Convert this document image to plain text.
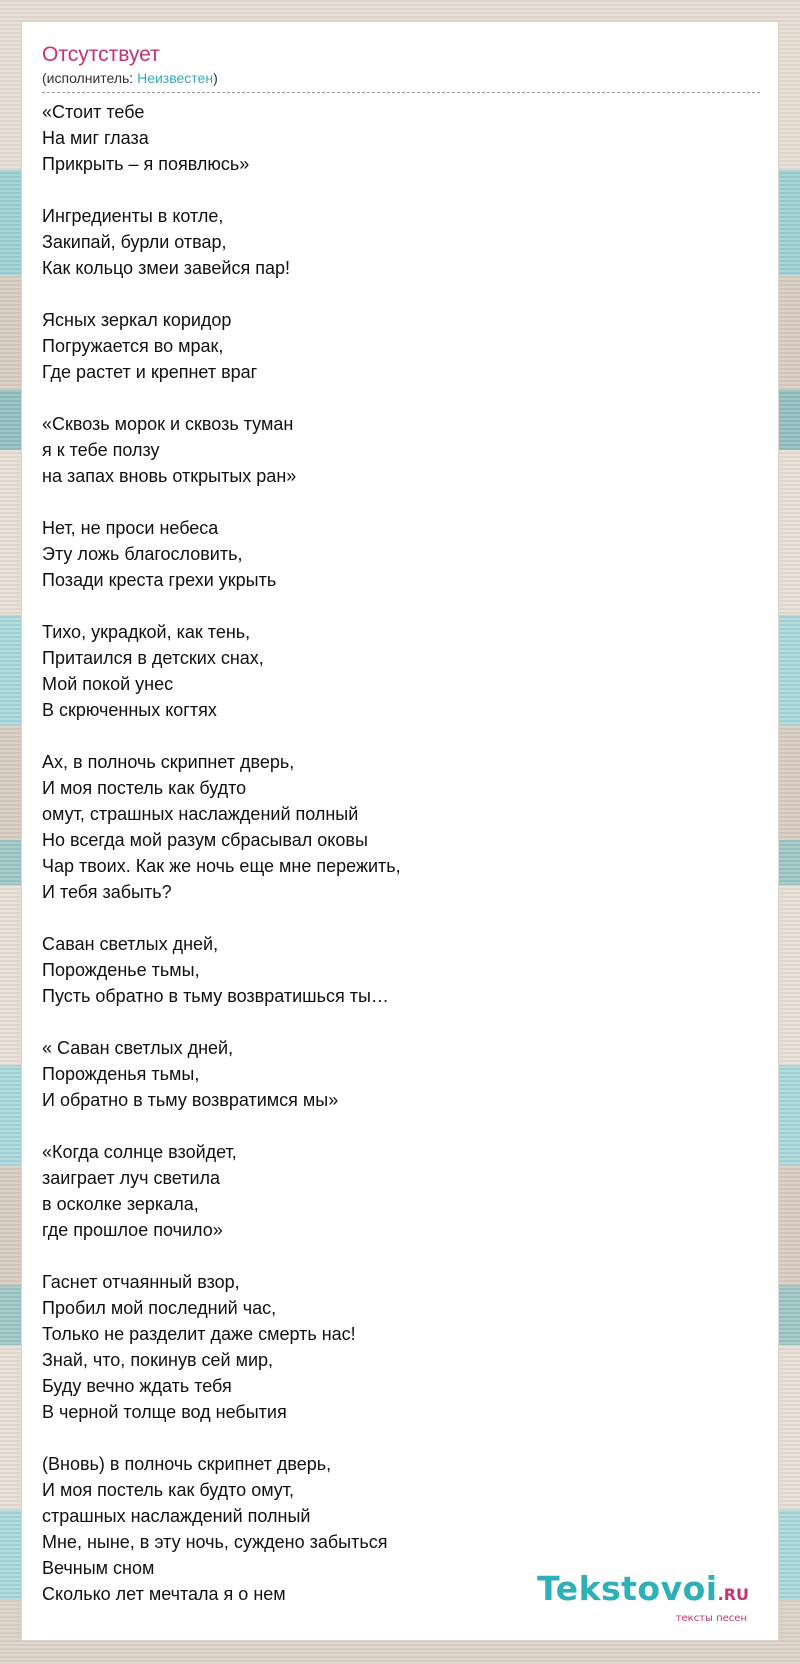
Отсутствует
(исполнитель: Неизвестен)
«Стоит тебе
На миг глаза
Прикрыть – я появлюсь»
Ингредиенты в котле,
Закипай, бурли отвар,
Как кольцо змеи завейся пар!
Ясных зеркал коридор
Погружается во мрак,
Где растет и крепнет враг
«Сквозь морок и сквозь туман
я к тебе ползу
на запах вновь открытых ран»
Нет, не проси небеса
Эту ложь благословить,
Позади креста грехи укрыть
Тихо, украдкой, как тень,
Притаился в детских снах,
Мой покой унес
В скрюченных когтях
Ах, в полночь скрипнет дверь,
И моя постель как будто
омут, страшных наслаждений полный
Но всегда мой разум сбрасывал оковы
Чар твоих. Как же ночь еще мне пережить,
И тебя забыть?
Саван светлых дней,
Порожденье тьмы,
Пусть обратно в тьму возвратишься ты…
« Саван светлых дней,
Порожденья тьмы,
И обратно в тьму возвратимся мы»
«Когда солнце взойдет,
заиграет луч светила
в осколке зеркала,
где прошлое почило»
Гаснет отчаянный взор,
Пробил мой последний час,
Только не разделит даже смерть нас!
Знай, что, покинув сей мир,
Буду вечно ждать тебя
В черной толще вод небытия
(Вновь) в полночь скрипнет дверь,
И моя постель как будто омут,
страшных наслаждений полный
Мне, ныне, в эту ночь, суждено забыться
Вечным сном
Сколько лет мечтала я о нем	Tekstovoi.RU
тексты песен
